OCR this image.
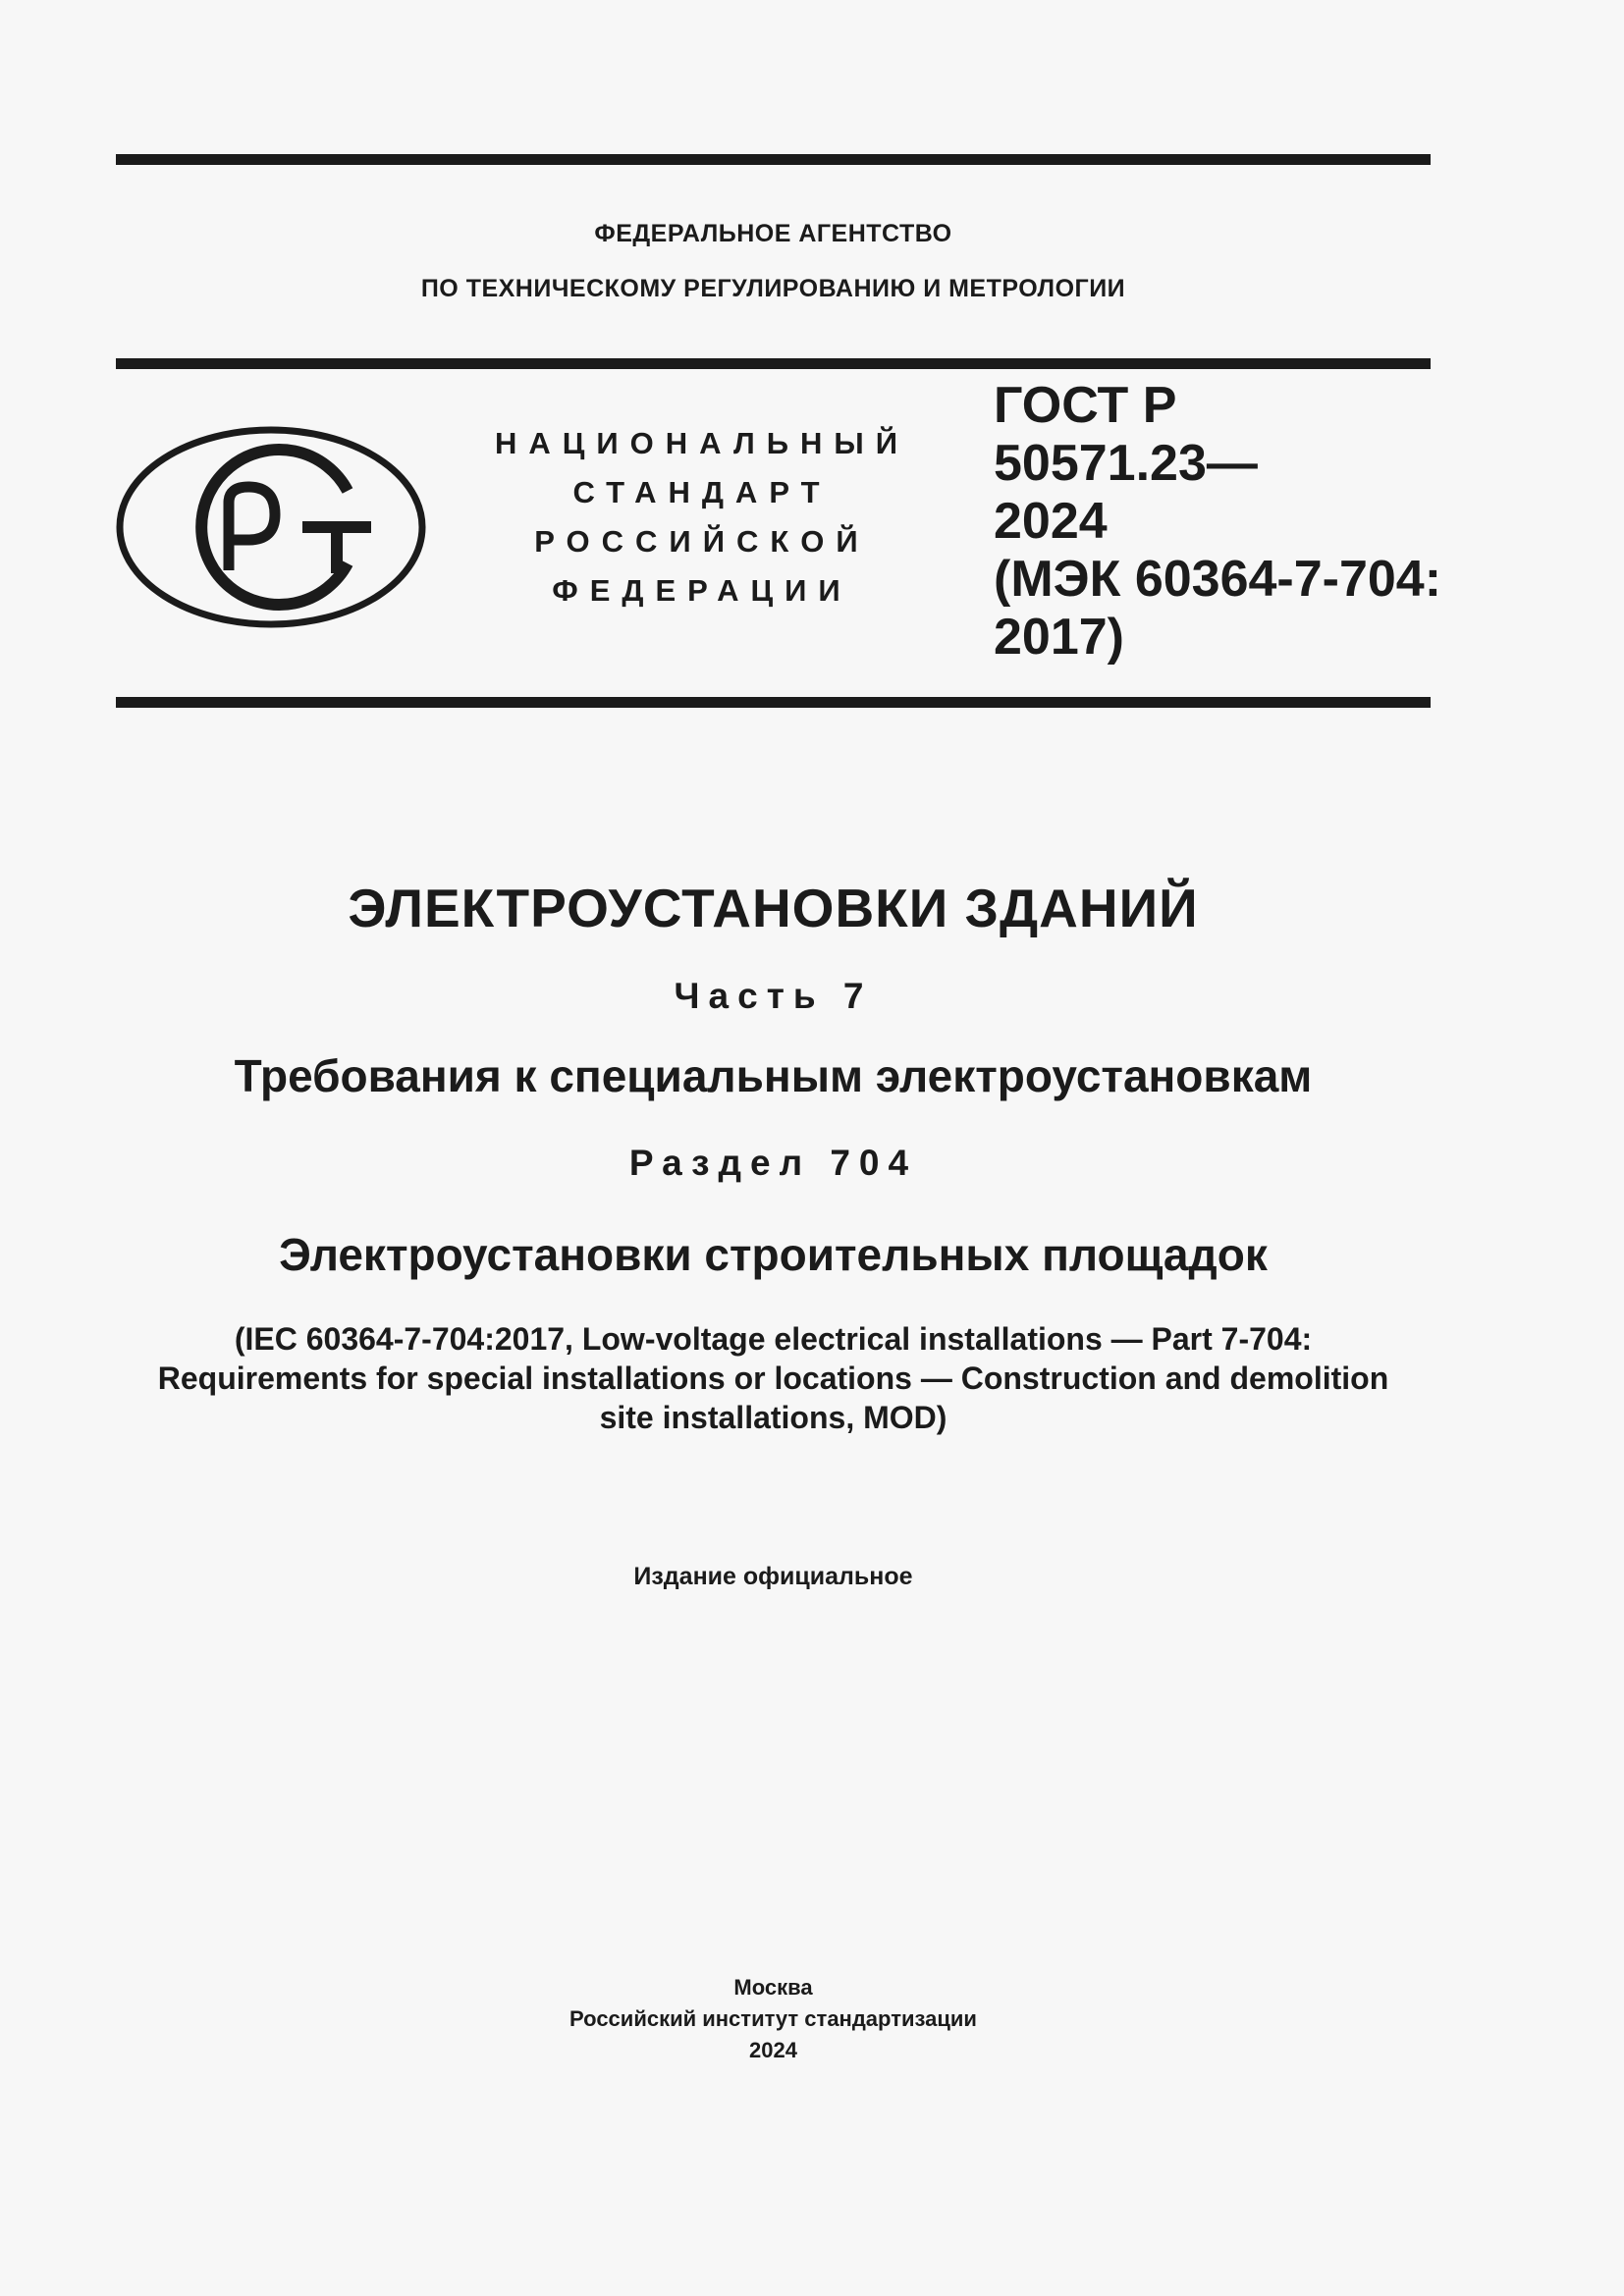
ФЕДЕРАЛЬНОЕ АГЕНТСТВО
ПО ТЕХНИЧЕСКОМУ РЕГУЛИРОВАНИЮ И МЕТРОЛОГИИ
РСТ
НАЦИОНАЛЬНЫЙ
СТАНДАРТ
РОССИЙСКОЙ
ФЕДЕРАЦИИ
ГОСТ Р
50571.23—
2024
(МЭК 60364-7-704:
2017)
ЭЛЕКТРОУСТАНОВКИ ЗДАНИЙ
Часть 7
Требования к специальным электроустановкам
Раздел 704
Электроустановки строительных площадок
(IEC 60364-7-704:2017, Low-voltage electrical installations — Part 7-704:
Requirements for special installations or locations — Construction and demolition
site installations, MOD)
Издание официальное
Москва
Российский институт стандартизации
2024
